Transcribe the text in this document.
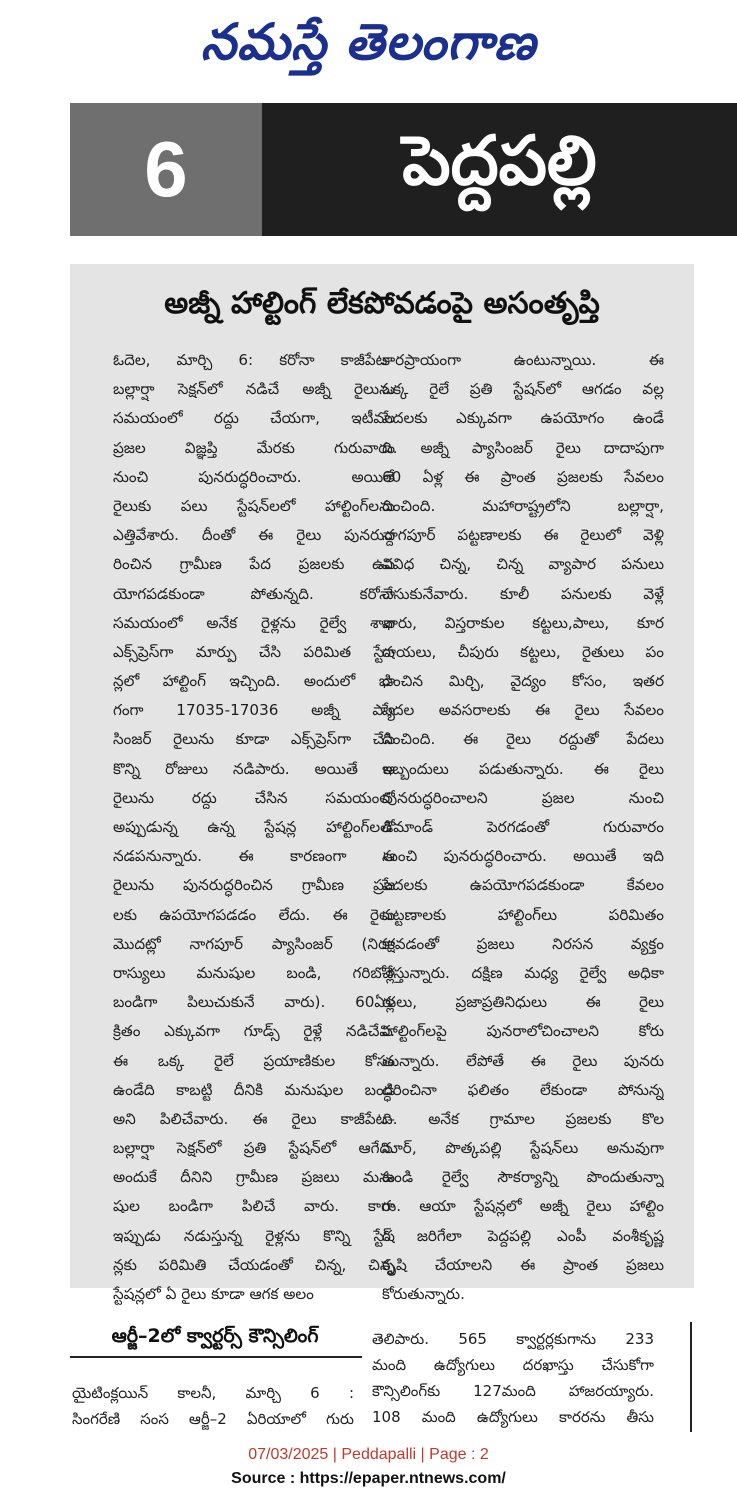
నమస్తే తెలంగాణ
6	పెద్దపల్లి
అజ్నీ హాల్టింగ్ లేకపోవడంపై అసంతృప్తి
ఓదెల, మార్చి 6: కరోనా కాజీపేట–
బల్లార్షా సెక్షన్‌లో నడిచే అజ్నీ రైలును
సమయంలో రద్దు చేయగా, ఇటీవల
ప్రజల విజ్ఞప్తి మేరకు గురువారం
నుంచి పునరుద్ధరించారు. అయితే
రైలుకు పలు స్టేషన్‌లలో హాల్టింగ్‌లను
ఎత్తివేశారు. దీంతో ఈ రైలు పునరుద్ద
రించిన గ్రామీణ పేద ప్రజలకు ఉప
యోగపడకుండా పోతున్నది. కరోనా
సమయంలో అనేక రైళ్లను రైల్వే శాఖ
ఎక్స్‌ప్రెస్‌గా మార్పు చేసి పరిమిత స్టేష
న్లలో హాల్టింగ్ ఇచ్చింది. అందులో భా
గంగా 17035-17036 అజ్నీ ప్యా
సింజర్ రైలును కూడా ఎక్స్‌ప్రెస్‌గా చేసి
కొన్ని రోజులు నడిపారు. అయితే ఆ
రైలును రద్దు చేసిన సమయంలో
అప్పుడున్న ఉన్న స్టేషన్ల హాల్టింగ్‌లతో
నడపనున్నారు. ఈ కారణంగా ఆ
రైలును పునరుద్ధరించిన గ్రామీణ ప్రజ
లకు ఉపయోగపడడం లేదు. ఈ రైలు
మొదట్లో నాగపూర్ ప్యాసింజర్ (నిరక్ష
రాస్యులు మనుషుల బండి, గరిబోళ్ల
బండిగా పిలుచుకునే వారు). 60ఏళ్ల
క్రితం ఎక్కువగా గూడ్స్ రైళ్లే నడిచేవి.
ఈ ఒక్క రైలే ప్రయాణికుల కోసం
ఉండేది కాబట్టి దీనికి మనుషుల బండి
అని పిలిచేవారు. ఈ రైలు కాజీపేట–
బల్లార్షా సెక్షన్‌లో ప్రతి స్టేషన్‌లో ఆగేది.
అందుకే దీనిని గ్రామీణ ప్రజలు మను
షుల బండిగా పిలిచే వారు. కాగా
ఇప్పుడు నడుస్తున్న రైళ్లను కొన్ని స్టేష
న్లకు పరిమితి చేయడంతో చిన్న, చిన్న
స్టేషన్లలో ఏ రైలు కూడా ఆగక అలం
కారప్రాయంగా ఉంటున్నాయి. ఈ
ఒక్క రైలే ప్రతి స్టేషన్‌లో ఆగడం వల్ల
పేదలకు ఎక్కువగా ఉపయోగం ఉండే
ది. అజ్నీ ప్యాసింజర్ రైలు దాదాపుగా
60 ఏళ్ల ఈ ప్రాంత ప్రజలకు సేవలం
దించింది. మహారాష్ట్రలోని బల్లార్షా,
నాగపూర్ పట్టణాలకు ఈ రైలులో వెళ్లి
వివిధ చిన్న, చిన్న వ్యాపార పనులు
చేసుకునేవారు. కూలీ పనులకు వెళ్లే
వారు, విస్తరాకుల కట్టలు,పాలు, కూర
గాయలు, చీపురు కట్టలు, రైతులు పం
డించిన మిర్చి, వైద్యం కోసం, ఇతర
పేదల అవసరాలకు ఈ రైలు సేవలం
దించింది. ఈ రైలు రద్దుతో పేదలు
ఇబ్బందులు పడుతున్నారు. ఈ రైలు
పునరుద్ధరించాలని ప్రజల నుంచి
డిమాండ్ పెరగడంతో గురువారం
నుంచి పునరుద్ధరించారు. అయితే ఇది
పేదలకు ఉపయోగపడకుండా కేవలం
పట్టణాలకు హాల్టింగ్‌లు పరిమితం
కావడంతో ప్రజలు నిరసన వ్యక్తం
చేస్తున్నారు. దక్షిణ మధ్య రైల్వే అధికా
రులు, ప్రజాప్రతినిధులు ఈ రైలు
హాల్టింగ్‌లపై పునరాలోచించాలని కోరు
తున్నారు. లేపోతే ఈ రైలు పునరు
ద్ధరించినా ఫలితం లేకుండా పోనున్న
ది. అనేక గ్రామాల ప్రజలకు కొల
నూర్, పొత్కపల్లి స్టేషన్‌లు అనువుగా
ఉండి రైల్వే సౌకర్యాన్ని పొందుతున్నా
రు. ఆయా స్టేషన్లలో అజ్నీ రైలు హాల్టిం
గ్ జరిగేలా పెద్దపల్లి ఎంపీ వంశీకృష్ణ
కృషి చేయాలని ఈ ప్రాంత ప్రజలు
కోరుతున్నారు.
ఆర్జీ–2లో క్వార్టర్స్ కౌన్సిలింగ్
యైటింక్లయిన్ కాలనీ, మార్చి 6 :
సింగరేణి సంస ఆర్జీ–2 ఏరియాలో గురు
తెలిపారు. 565 క్వార్టర్లకుగాను 233
మంది ఉద్యోగులు దరఖాస్తు చేసుకోగా
కౌన్సిలింగ్‌కు 127మంది హాజరయ్యారు.
108 మంది ఉద్యోగులు కారరను తీసు
07/03/2025 | Peddapalli | Page : 2
Source : https://epaper.ntnews.com/
